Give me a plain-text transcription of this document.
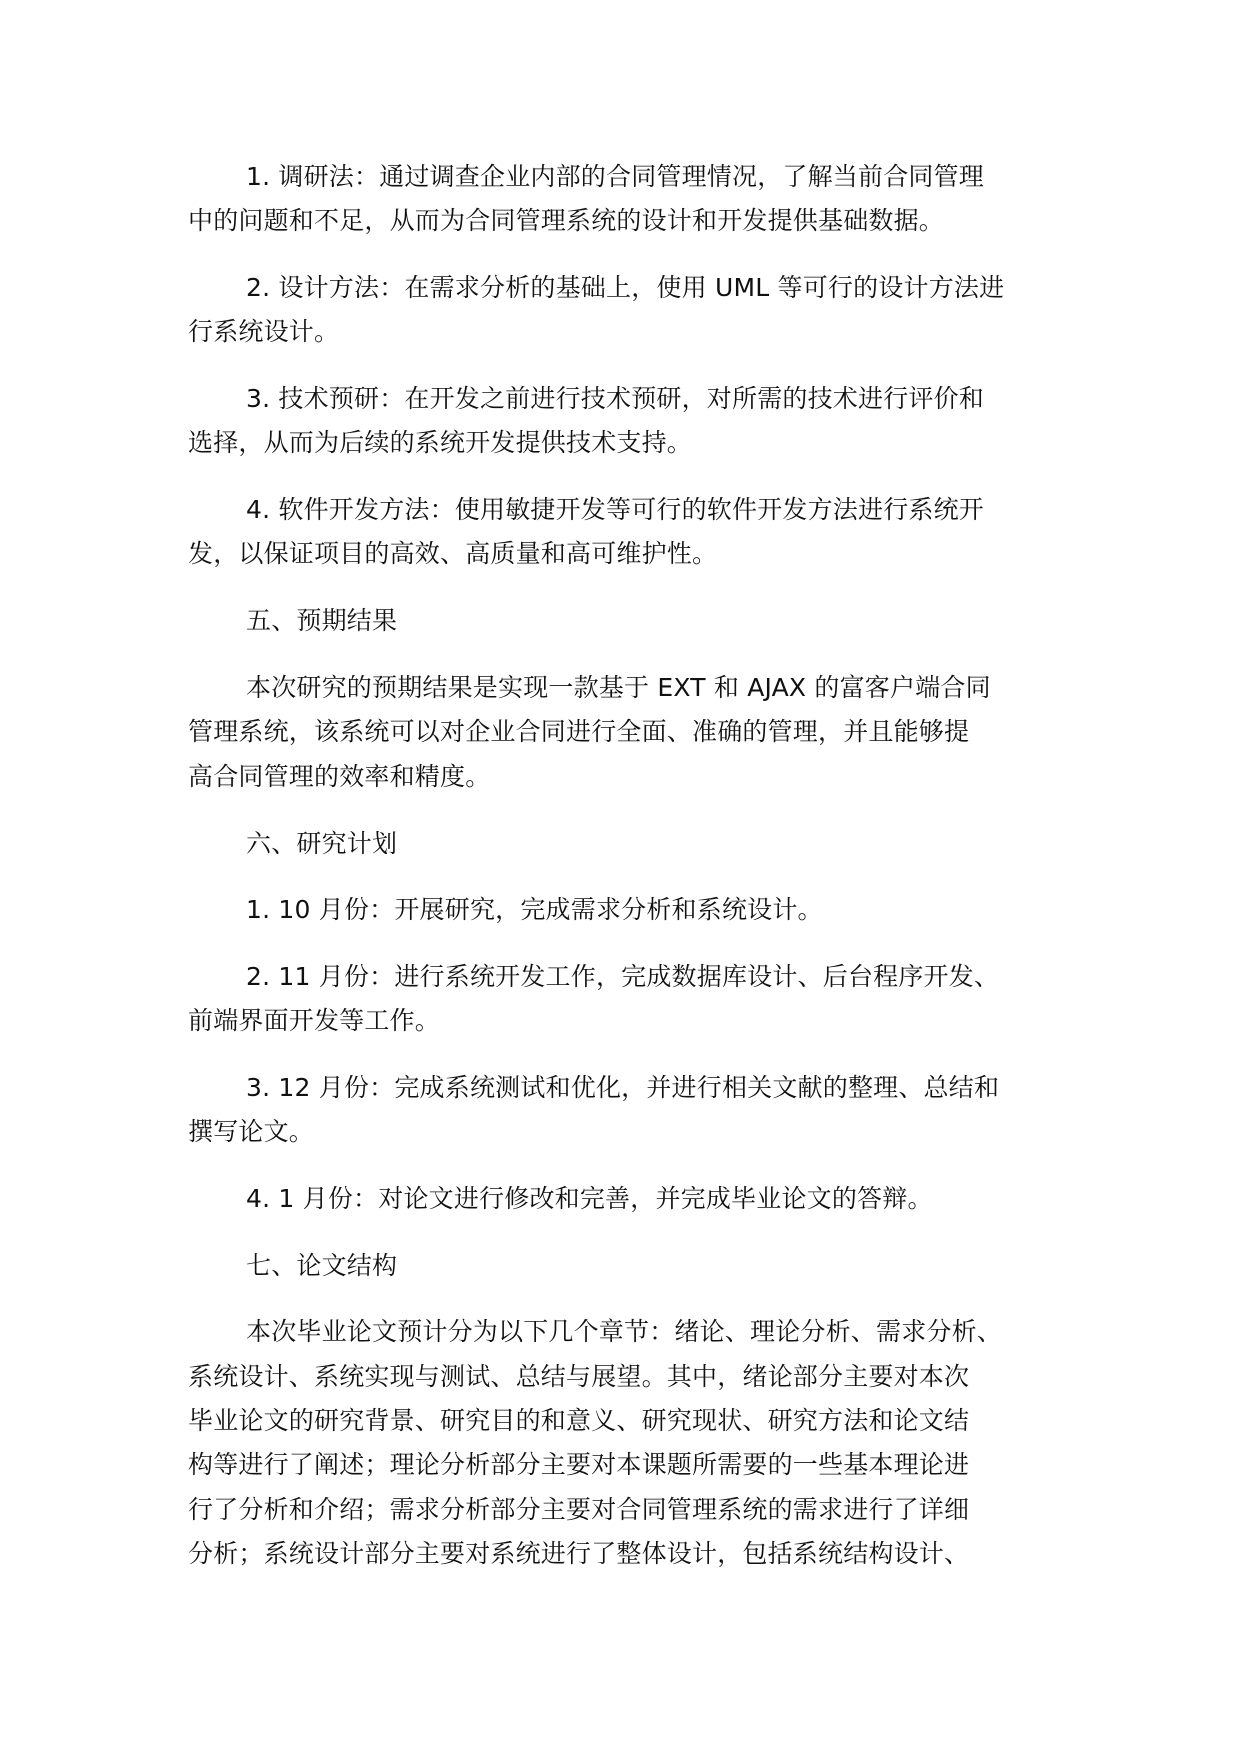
1. 调研法：通过调查企业内部的合同管理情况，了解当前合同管理
中的问题和不足，从而为合同管理系统的设计和开发提供基础数据。
2. 设计方法：在需求分析的基础上，使用 UML 等可行的设计方法进
行系统设计。
3. 技术预研：在开发之前进行技术预研，对所需的技术进行评价和
选择，从而为后续的系统开发提供技术支持。
4. 软件开发方法：使用敏捷开发等可行的软件开发方法进行系统开
发，以保证项目的高效、高质量和高可维护性。
五、预期结果
本次研究的预期结果是实现一款基于 EXT 和 AJAX 的富客户端合同
管理系统，该系统可以对企业合同进行全面、准确的管理，并且能够提
高合同管理的效率和精度。
六、研究计划
1. 10 月份：开展研究，完成需求分析和系统设计。
2. 11 月份：进行系统开发工作，完成数据库设计、后台程序开发、
前端界面开发等工作。
3. 12 月份：完成系统测试和优化，并进行相关文献的整理、总结和
撰写论文。
4. 1 月份：对论文进行修改和完善，并完成毕业论文的答辩。
七、论文结构
本次毕业论文预计分为以下几个章节：绪论、理论分析、需求分析、
系统设计、系统实现与测试、总结与展望。其中，绪论部分主要对本次
毕业论文的研究背景、研究目的和意义、研究现状、研究方法和论文结
构等进行了阐述；理论分析部分主要对本课题所需要的一些基本理论进
行了分析和介绍；需求分析部分主要对合同管理系统的需求进行了详细
分析；系统设计部分主要对系统进行了整体设计，包括系统结构设计、
